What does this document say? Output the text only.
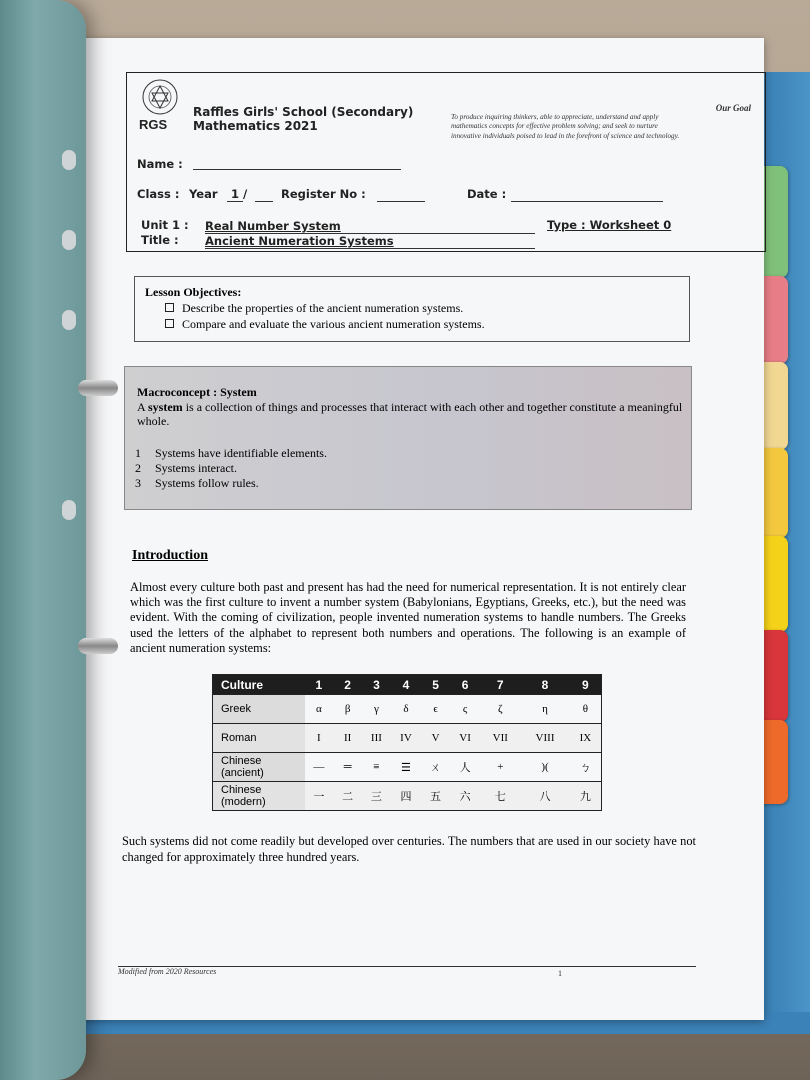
RGS
Raffles Girls' School (Secondary)
Mathematics 2021
Our Goal
To produce inquiring thinkers, able to appreciate, understand and apply mathematics concepts for effective problem solving; and seek to nurture innovative individuals poised to lead in the forefront of science and technology.
Name :
Class : Year 1 /	Register No :	Date :
Unit 1 : Real Number System
Title : Ancient Numeration Systems
Type : Worksheet 0
Lesson Objectives:
Describe the properties of the ancient numeration systems.
Compare and evaluate the various ancient numeration systems.
Macroconcept : System
A system is a collection of things and processes that interact with each other and together constitute a meaningful whole.
1 Systems have identifiable elements.
2 Systems interact.
3 Systems follow rules.
Introduction
Almost every culture both past and present has had the need for numerical representation. It is not entirely clear which was the first culture to invent a number system (Babylonians, Egyptians, Greeks, etc.), but the need was evident. With the coming of civilization, people invented numeration systems to handle numbers. The Greeks used the letters of the alphabet to represent both numbers and operations. The following is an example of ancient numeration systems:
Culture	1	2	3	4	5	6	7	8	9
Greek	α	β	γ	δ	ϵ	ς	ζ	η	θ
Roman	I	II	III	IV	V	VI	VII	VIII	IX
Chinese (ancient)	—	═	≡	☰	ㄨ	人	+	)(	ㄅ
Chinese (modern)	一	二	三	四	五	六	七	八	九
Such systems did not come readily but developed over centuries. The numbers that are used in our society have not changed for approximately three hundred years.
Modified from 2020 Resources	1
